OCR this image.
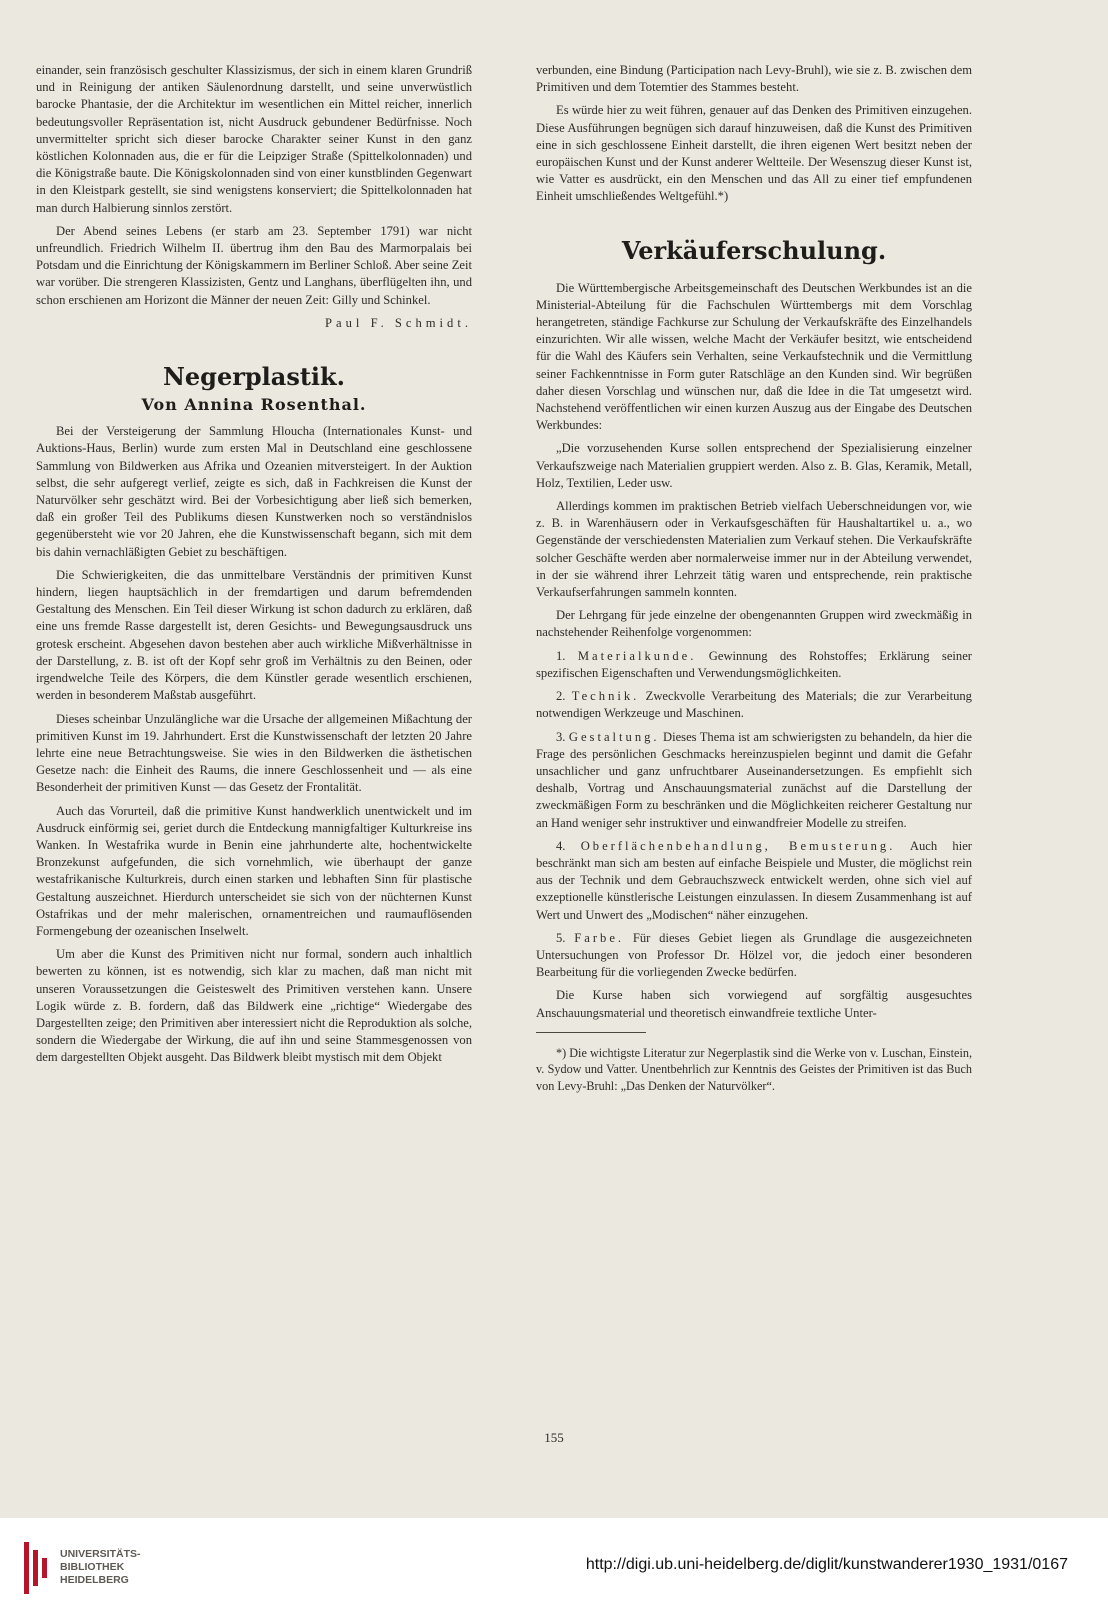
einander, sein französisch geschulter Klassizismus, der sich in einem klaren Grundriß und in Reinigung der antiken Säulenordnung darstellt, und seine unverwüstlich barocke Phantasie, der die Architektur im wesentlichen ein Mittel reicher, innerlich bedeutungsvoller Repräsentation ist, nicht Ausdruck gebundener Bedürfnisse. Noch unvermittelter spricht sich dieser barocke Charakter seiner Kunst in den ganz köstlichen Kolonnaden aus, die er für die Leipziger Straße (Spittelkolonnaden) und die Königstraße baute. Die Königskolonnaden sind von einer kunstblinden Gegenwart in den Kleistpark gestellt, sie sind wenigstens konserviert; die Spittelkolonnaden hat man durch Halbierung sinnlos zerstört.

Der Abend seines Lebens (er starb am 23. September 1791) war nicht unfreundlich. Friedrich Wilhelm II. übertrug ihm den Bau des Marmorpalais bei Potsdam und die Einrichtung der Königskammern im Berliner Schloß. Aber seine Zeit war vorüber. Die strengeren Klassizisten, Gentz und Langhans, überflügelten ihn, und schon erschienen am Horizont die Männer der neuen Zeit: Gilly und Schinkel.

Paul F. Schmidt.

Negerplastik.
Von Annina Rosenthal.

Bei der Versteigerung der Sammlung Hloucha (Internationales Kunst- und Auktions-Haus, Berlin) wurde zum ersten Mal in Deutschland eine geschlossene Sammlung von Bildwerken aus Afrika und Ozeanien mitversteigert. In der Auktion selbst, die sehr aufgeregt verlief, zeigte es sich, daß in Fachkreisen die Kunst der Naturvölker sehr geschätzt wird. Bei der Vorbesichtigung aber ließ sich bemerken, daß ein großer Teil des Publikums diesen Kunstwerken noch so verständnislos gegenübersteht wie vor 20 Jahren, ehe die Kunstwissenschaft begann, sich mit dem bis dahin vernachläßigten Gebiet zu beschäftigen.

Die Schwierigkeiten, die das unmittelbare Verständnis der primitiven Kunst hindern, liegen hauptsächlich in der fremdartigen und darum befremdenden Gestaltung des Menschen. Ein Teil dieser Wirkung ist schon dadurch zu erklären, daß eine uns fremde Rasse dargestellt ist, deren Gesichts- und Bewegungsausdruck uns grotesk erscheint. Abgesehen davon bestehen aber auch wirkliche Mißverhältnisse in der Darstellung, z. B. ist oft der Kopf sehr groß im Verhältnis zu den Beinen, oder irgendwelche Teile des Körpers, die dem Künstler gerade wesentlich erschienen, werden in besonderem Maßstab ausgeführt.

Dieses scheinbar Unzulängliche war die Ursache der allgemeinen Mißachtung der primitiven Kunst im 19. Jahrhundert. Erst die Kunstwissenschaft der letzten 20 Jahre lehrte eine neue Betrachtungsweise. Sie wies in den Bildwerken die ästhetischen Gesetze nach: die Einheit des Raums, die innere Geschlossenheit und — als eine Besonderheit der primitiven Kunst — das Gesetz der Frontalität.

Auch das Vorurteil, daß die primitive Kunst handwerklich unentwickelt und im Ausdruck einförmig sei, geriet durch die Entdeckung mannigfaltiger Kulturkreise ins Wanken. In Westafrika wurde in Benin eine jahrhunderte alte, hochentwickelte Bronzekunst aufgefunden, die sich vornehmlich, wie überhaupt der ganze westafrikanische Kulturkreis, durch einen starken und lebhaften Sinn für plastische Gestaltung auszeichnet. Hierdurch unterscheidet sie sich von der nüchternen Kunst Ostafrikas und der mehr malerischen, ornamentreichen und raumauflösenden Formengebung der ozeanischen Inselwelt.

Um aber die Kunst des Primitiven nicht nur formal, sondern auch inhaltlich bewerten zu können, ist es notwendig, sich klar zu machen, daß man nicht mit unseren Voraussetzungen die Geisteswelt des Primitiven verstehen kann. Unsere Logik würde z. B. fordern, daß das Bildwerk eine „richtige“ Wiedergabe des Dargestellten zeige; den Primitiven aber interessiert nicht die Reproduktion als solche, sondern die Wiedergabe der Wirkung, die auf ihn und seine Stammesgenossen von dem dargestellten Objekt ausgeht. Das Bildwerk bleibt mystisch mit dem Objekt

verbunden, eine Bindung (Participation nach Levy-Bruhl), wie sie z. B. zwischen dem Primitiven und dem Totemtier des Stammes besteht.

Es würde hier zu weit führen, genauer auf das Denken des Primitiven einzugehen. Diese Ausführungen begnügen sich darauf hinzuweisen, daß die Kunst des Primitiven eine in sich geschlossene Einheit darstellt, die ihren eigenen Wert besitzt neben der europäischen Kunst und der Kunst anderer Weltteile. Der Wesenszug dieser Kunst ist, wie Vatter es ausdrückt, ein den Menschen und das All zu einer tief empfundenen Einheit umschließendes Weltgefühl.*)

Verkäuferschulung.

Die Württembergische Arbeitsgemeinschaft des Deutschen Werkbundes ist an die Ministerial-Abteilung für die Fachschulen Württembergs mit dem Vorschlag herangetreten, ständige Fachkurse zur Schulung der Verkaufskräfte des Einzelhandels einzurichten. Wir alle wissen, welche Macht der Verkäufer besitzt, wie entscheidend für die Wahl des Käufers sein Verhalten, seine Verkaufstechnik und die Vermittlung seiner Fachkenntnisse in Form guter Ratschläge an den Kunden sind. Wir begrüßen daher diesen Vorschlag und wünschen nur, daß die Idee in die Tat umgesetzt wird. Nachstehend veröffentlichen wir einen kurzen Auszug aus der Eingabe des Deutschen Werkbundes:

„Die vorzusehenden Kurse sollen entsprechend der Spezialisierung einzelner Verkaufszweige nach Materialien gruppiert werden. Also z. B. Glas, Keramik, Metall, Holz, Textilien, Leder usw.

Allerdings kommen im praktischen Betrieb vielfach Ueberschneidungen vor, wie z. B. in Warenhäusern oder in Verkaufsgeschäften für Haushaltartikel u. a., wo Gegenstände der verschiedensten Materialien zum Verkauf stehen. Die Verkaufskräfte solcher Geschäfte werden aber normalerweise immer nur in der Abteilung verwendet, in der sie während ihrer Lehrzeit tätig waren und entsprechende, rein praktische Verkaufserfahrungen sammeln konnten.

Der Lehrgang für jede einzelne der obengenannten Gruppen wird zweckmäßig in nachstehender Reihenfolge vorgenommen:

1. Materialkunde. Gewinnung des Rohstoffes; Erklärung seiner spezifischen Eigenschaften und Verwendungsmöglichkeiten.

2. Technik. Zweckvolle Verarbeitung des Materials; die zur Verarbeitung notwendigen Werkzeuge und Maschinen.

3. Gestaltung. Dieses Thema ist am schwierigsten zu behandeln, da hier die Frage des persönlichen Geschmacks hereinzuspielen beginnt und damit die Gefahr unsachlicher und ganz unfruchtbarer Auseinandersetzungen. Es empfiehlt sich deshalb, Vortrag und Anschauungsmaterial zunächst auf die Darstellung der zweckmäßigen Form zu beschränken und die Möglichkeiten reicherer Gestaltung nur an Hand weniger sehr instruktiver und einwandfreier Modelle zu streifen.

4. Oberflächenbehandlung, Bemusterung. Auch hier beschränkt man sich am besten auf einfache Beispiele und Muster, die möglichst rein aus der Technik und dem Gebrauchszweck entwickelt werden, ohne sich viel auf exzeptionelle künstlerische Leistungen einzulassen. In diesem Zusammenhang ist auf Wert und Unwert des „Modischen“ näher einzugehen.

5. Farbe. Für dieses Gebiet liegen als Grundlage die ausgezeichneten Untersuchungen von Professor Dr. Hölzel vor, die jedoch einer besonderen Bearbeitung für die vorliegenden Zwecke bedürfen.

Die Kurse haben sich vorwiegend auf sorgfältig ausgesuchtes Anschauungsmaterial und theoretisch einwandfreie textliche Unter-

*) Die wichtigste Literatur zur Negerplastik sind die Werke von v. Luschan, Einstein, v. Sydow und Vatter. Unentbehrlich zur Kenntnis des Geistes der Primitiven ist das Buch von Levy-Bruhl: „Das Denken der Naturvölker“.

155
UNIVERSITÄTS-
BIBLIOTHEK
HEIDELBERG
http://digi.ub.uni-heidelberg.de/diglit/kunstwanderer1930_1931/0167
